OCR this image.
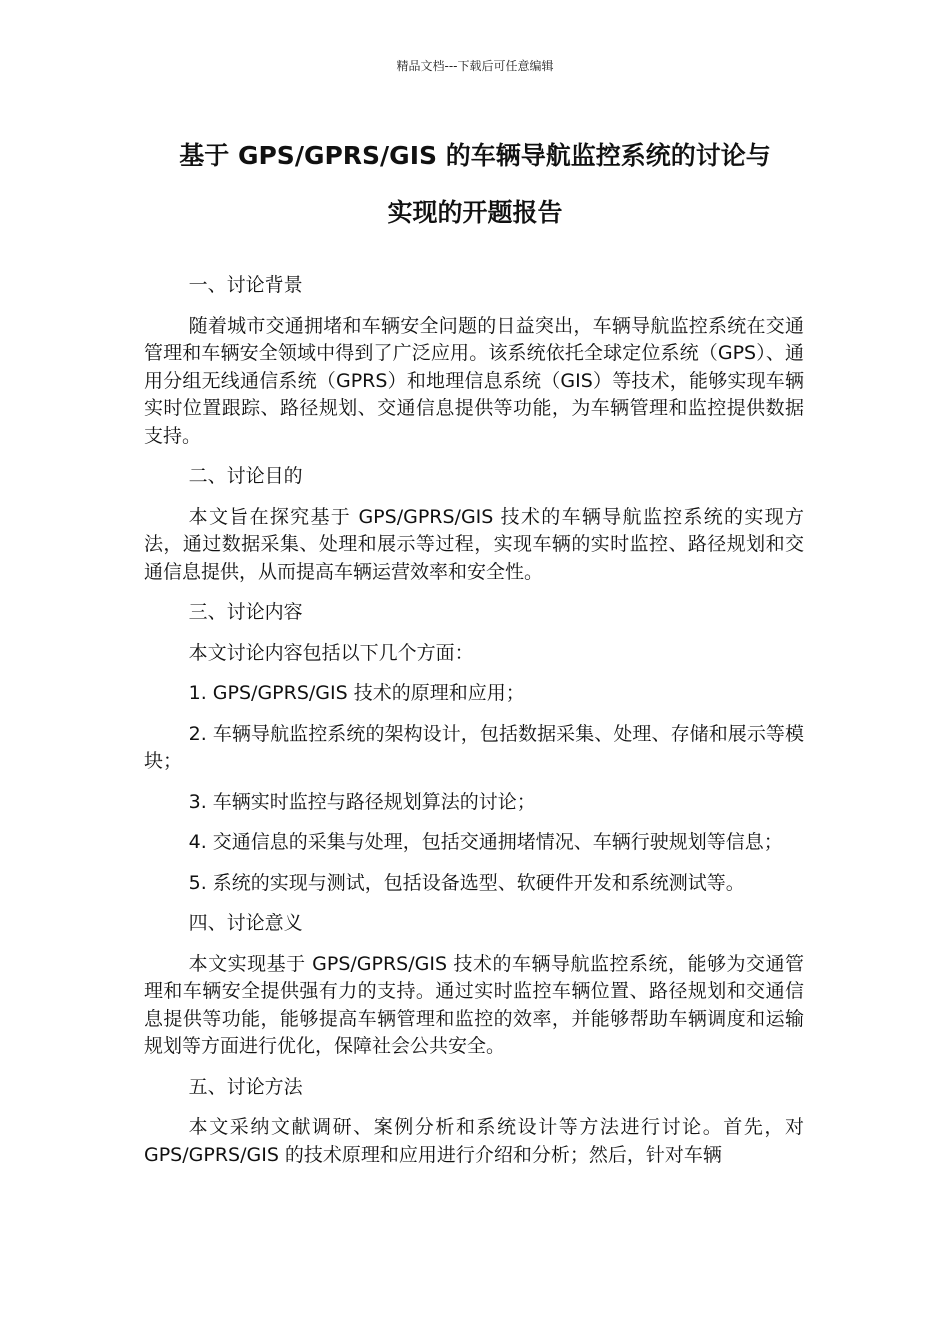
精品文档---下载后可任意编辑
基于 GPS/GPRS/GIS 的车辆导航监控系统的讨论与
实现的开题报告

一、讨论背景

随着城市交通拥堵和车辆安全问题的日益突出，车辆导航监控系统在交通管理和车辆安全领域中得到了广泛应用。该系统依托全球定位系统（GPS）、通用分组无线通信系统（GPRS）和地理信息系统（GIS）等技术，能够实现车辆实时位置跟踪、路径规划、交通信息提供等功能，为车辆管理和监控提供数据支持。

二、讨论目的

本文旨在探究基于 GPS/GPRS/GIS 技术的车辆导航监控系统的实现方法，通过数据采集、处理和展示等过程，实现车辆的实时监控、路径规划和交通信息提供，从而提高车辆运营效率和安全性。

三、讨论内容

本文讨论内容包括以下几个方面：

1. GPS/GPRS/GIS 技术的原理和应用；

2. 车辆导航监控系统的架构设计，包括数据采集、处理、存储和展示等模块；

3. 车辆实时监控与路径规划算法的讨论；

4. 交通信息的采集与处理，包括交通拥堵情况、车辆行驶规划等信息；

5. 系统的实现与测试，包括设备选型、软硬件开发和系统测试等。

四、讨论意义

本文实现基于 GPS/GPRS/GIS 技术的车辆导航监控系统，能够为交通管理和车辆安全提供强有力的支持。通过实时监控车辆位置、路径规划和交通信息提供等功能，能够提高车辆管理和监控的效率，并能够帮助车辆调度和运输规划等方面进行优化，保障社会公共安全。

五、讨论方法

本文采纳文献调研、案例分析和系统设计等方法进行讨论。首先，对 GPS/GPRS/GIS 的技术原理和应用进行介绍和分析；然后，针对车辆
